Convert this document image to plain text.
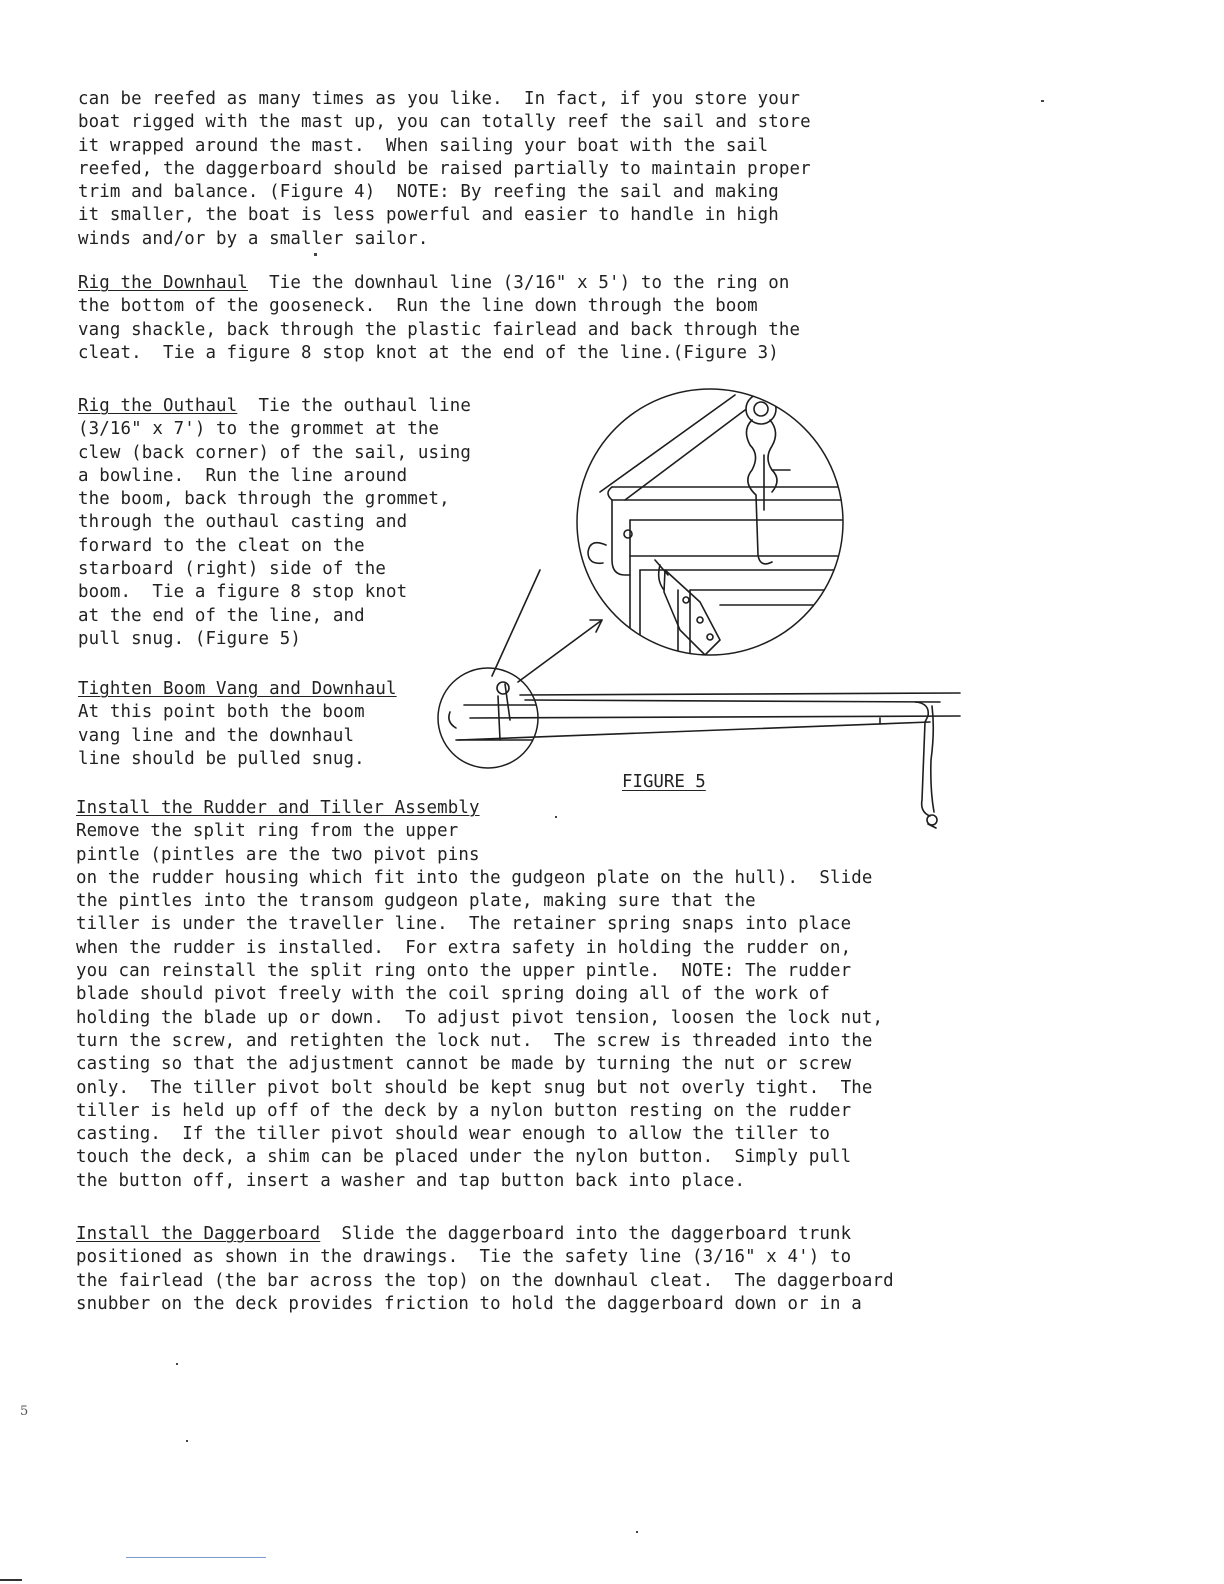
can be reefed as many times as you like.  In fact, if you store your
boat rigged with the mast up, you can totally reef the sail and store
it wrapped around the mast.  When sailing your boat with the sail
reefed, the daggerboard should be raised partially to maintain proper
trim and balance. (Figure 4)  NOTE: By reefing the sail and making
it smaller, the boat is less powerful and easier to handle in high
winds and/or by a smaller sailor.
Rig the Downhaul  Tie the downhaul line (3/16" x 5') to the ring on
the bottom of the gooseneck.  Run the line down through the boom
vang shackle, back through the plastic fairlead and back through the
cleat.  Tie a figure 8 stop knot at the end of the line.(Figure 3)
Rig the Outhaul  Tie the outhaul line
(3/16" x 7') to the grommet at the
clew (back corner) of the sail, using
a bowline.  Run the line around
the boom, back through the grommet,
through the outhaul casting and
forward to the cleat on the
starboard (right) side of the
boom.  Tie a figure 8 stop knot
at the end of the line, and
pull snug. (Figure 5)
Tighten Boom Vang and Downhaul
At this point both the boom
vang line and the downhaul
line should be pulled snug.
Install the Rudder and Tiller Assembly
Remove the split ring from the upper
pintle (pintles are the two pivot pins
on the rudder housing which fit into the gudgeon plate on the hull).  Slide
the pintles into the transom gudgeon plate, making sure that the
tiller is under the traveller line.  The retainer spring snaps into place
when the rudder is installed.  For extra safety in holding the rudder on,
you can reinstall the split ring onto the upper pintle.  NOTE: The rudder
blade should pivot freely with the coil spring doing all of the work of
holding the blade up or down.  To adjust pivot tension, loosen the lock nut,
turn the screw, and retighten the lock nut.  The screw is threaded into the
casting so that the adjustment cannot be made by turning the nut or screw
only.  The tiller pivot bolt should be kept snug but not overly tight.  The
tiller is held up off of the deck by a nylon button resting on the rudder
casting.  If the tiller pivot should wear enough to allow the tiller to
touch the deck, a shim can be placed under the nylon button.  Simply pull
the button off, insert a washer and tap button back into place.
Install the Daggerboard  Slide the daggerboard into the daggerboard trunk
positioned as shown in the drawings.  Tie the safety line (3/16" x 4') to
the fairlead (the bar across the top) on the downhaul cleat.  The daggerboard
snubber on the deck provides friction to hold the daggerboard down or in a

FIGURE 5

5
